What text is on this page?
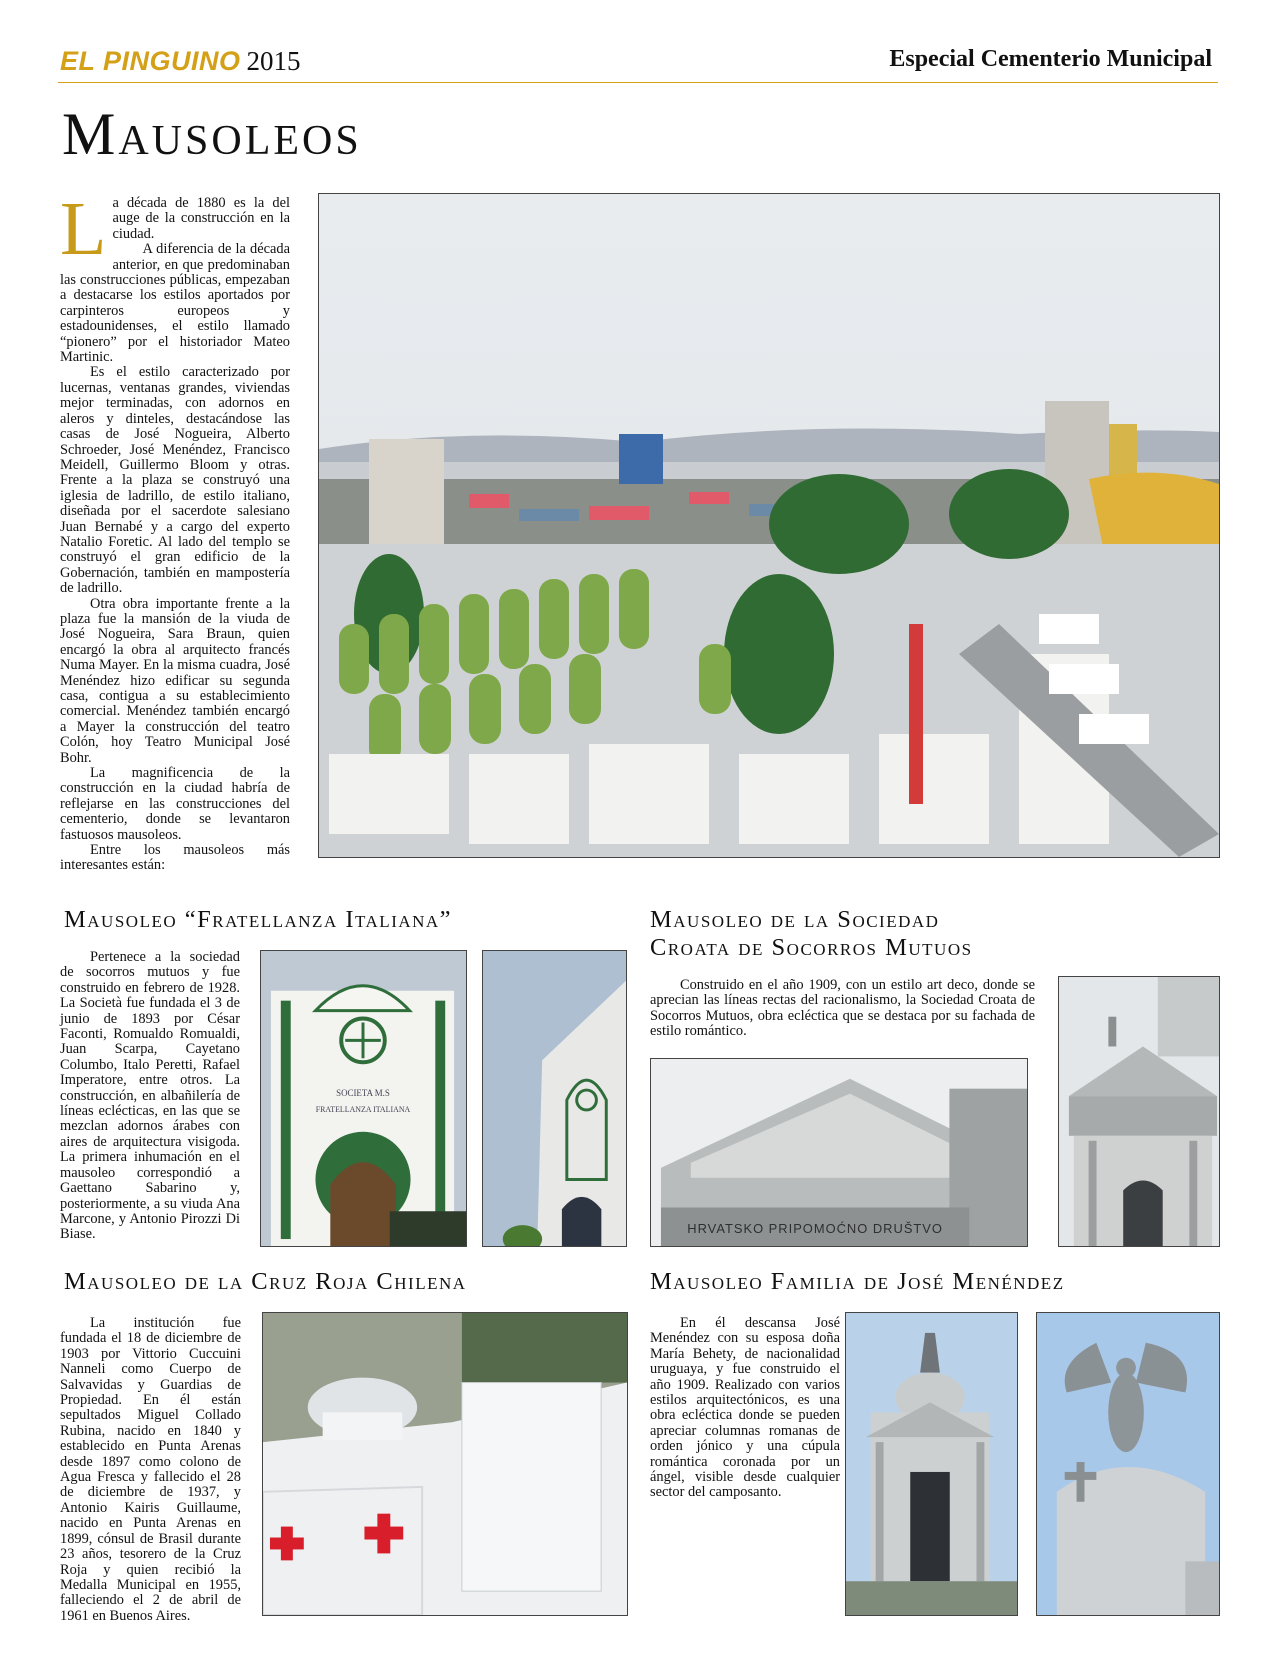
EL PINGUINO 2015	Especial Cementerio Municipal
Mausoleos

La década de 1880 es la del auge de la construcción en la ciudad.

A diferencia de la década anterior, en que predominaban las construcciones públicas, empezaban a destacarse los estilos aportados por carpinteros europeos y estadounidenses, el estilo llamado “pionero” por el historiador Mateo Martinic.

Es el estilo caracterizado por lucernas, ventanas grandes, viviendas mejor terminadas, con adornos en aleros y dinteles, destacándose las casas de José Nogueira, Alberto Schroeder, José Menéndez, Francisco Meidell, Guillermo Bloom y otras. Frente a la plaza se construyó una iglesia de ladrillo, de estilo italiano, diseñada por el sacerdote salesiano Juan Bernabé y a cargo del experto Natalio Foretic. Al lado del templo se construyó el gran edificio de la Gobernación, también en mampostería de ladrillo.

Otra obra importante frente a la plaza fue la mansión de la viuda de José Nogueira, Sara Braun, quien encargó la obra al arquitecto francés Numa Mayer. En la misma cuadra, José Menéndez hizo edificar su segunda casa, contigua a su establecimiento comercial. Menéndez también encargó a Mayer la construcción del teatro Colón, hoy Teatro Municipal José Bohr.

La magnificencia de la construcción en la ciudad habría de reflejarse en las construcciones del cementerio, donde se levantaron fastuosos mausoleos.

Entre los mausoleos más interesantes están:

Mausoleo “Fratellanza Italiana”

Pertenece a la sociedad de socorros mutuos y fue construido en febrero de 1928. La Società fue fundada el 3 de junio de 1893 por César Faconti, Romualdo Romualdi, Juan Scarpa, Cayetano Columbo, Italo Peretti, Rafael Imperatore, entre otros. La construcción, en albañilería de líneas eclécticas, en las que se mezclan adornos árabes con aires de arquitectura visigoda. La primera inhumación en el mausoleo correspondió a Gaettano Sabarino y, posteriormente, a su viuda Ana Marcone, y Antonio Pirozzi Di Biase.

SOCIETA M.S
FRATELLANZA ITALIANA
Mausoleo de la Sociedad
Croata de Socorros Mutuos

Construido en el año 1909, con un estilo art deco, donde se aprecian las líneas rectas del racionalismo, la Sociedad Croata de Socorros Mutuos, obra ecléctica que se destaca por su fachada de estilo romántico.

HRVATSKO PRIPOMOĆNO DRUŠTVO
Mausoleo de la Cruz Roja Chilena

La institución fue fundada el 18 de diciembre de 1903 por Vittorio Cuccuini Nanneli como Cuerpo de Salvavidas y Guardias de Propiedad. En él están sepultados Miguel Collado Rubina, nacido en 1840 y establecido en Punta Arenas desde 1897 como colono de Agua Fresca y fallecido el 28 de diciembre de 1937, y Antonio Kairis Guillaume, nacido en Punta Arenas en 1899, cónsul de Brasil durante 23 años, tesorero de la Cruz Roja y quien recibió la Medalla Municipal en 1955, falleciendo el 2 de abril de 1961 en Buenos Aires.

Mausoleo Familia de José Menéndez

En él descansa José Menéndez con su esposa doña María Behety, de nacionalidad uruguaya, y fue construido el año 1909. Realizado con varios estilos arquitectónicos, es una obra ecléctica donde se pueden apreciar columnas romanas de orden jónico y una cúpula romántica coronada por un ángel, visible desde cualquier sector del camposanto.
